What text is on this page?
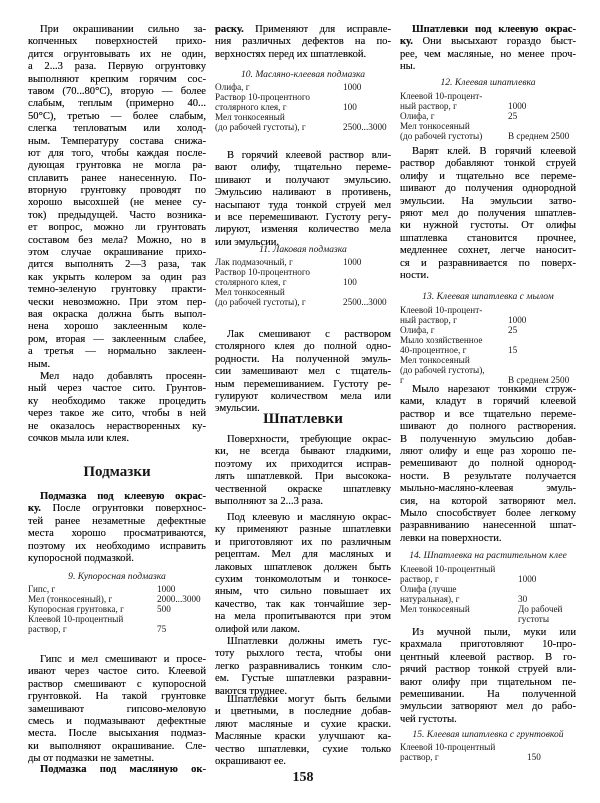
При окрашивании сильно за-
копченных поверхностей прихо-
дится огрунтовывать их не один,
а 2...3 раза. Первую огрунтовку
выполняют крепким горячим сос-
тавом (70...80°С), вторую — более
слабым, теплым (примерно 40...
50°С), третью — более слабым,
слегка тепловатым или холод-
ным. Температуру состава снижа-
ют для того, чтобы каждая после-
дующая грунтовка не могла ра-
сплавить ранее нанесенную. По-
вторную грунтовку проводят по
хорошо высохшей (не менее су-
ток) предыдущей. Часто возника-
ет вопрос, можно ли грунтовать
составом без мела? Можно, но в
этом случае окрашивание прихо-
дится выполнять 2—3 раза, так
как укрыть колером за один раз
темно-зеленую грунтовку практи-
чески невозможно. При этом пер-
вая окраска должна быть выпол-
нена хорошо заклеенным коле-
ром, вторая — заклеенным слабее,
а третья — нормально заклеен-
ным.
Мел надо добавлять просеян-
ный через частое сито. Грунтов-
ку необходимо также процедить
через такое же сито, чтобы в ней
не оказалось нерастворенных ку-
сочков мыла или клея.
Подмазки
Подмазка под клеевую окрас-
ку. После огрунтовки поверхнос-
тей ранее незаметные дефектные
места хорошо просматриваются,
поэтому их необходимо исправить
купоросной подмазкой.
9. Купоросная подмазка
Гипс, г	1000
Мел (тонкосеяный), г	2000...3000
Купоросная грунтовка, г	500
Клеевой 10-процентный
раствор, г	75
Гипс и мел смешивают и просе-
ивают через частое сито. Клеевой
раствор смешивают с купоросной
грунтовкой. На такой грунтовке
замешивают гипсово-меловую
смесь и подмазывают дефектные
места. После высыхания подмаз-
ки выполняют окрашивание. Сле-
ды от подмазки не заметны.
Подмазка под масляную ок-
раску. Применяют для исправле-
ния различных дефектов на по-
верхностях перед их шпатлевкой.
10. Масляно-клеевая подмазка
Олифа, г	1000
Раствор 10-процентного
столярного клея, г	100
Мел тонкосеяный
(до рабочей густоты), г	2500...3000
В горячий клеевой раствор вли-
вают олифу, тщательно переме-
шивают и получают эмульсию.
Эмульсию наливают в противень,
насыпают туда тонкой струей мел
и все перемешивают. Густоту регу-
лируют, изменяя количество мела
или эмульсии.
11. Лаковая подмазка
Лак подмазочный, г	1000
Раствор 10-процентного
столярного клея, г	100
Мел тонкосеяный
(до рабочей густоты), г	2500...3000
Лак смешивают с раствором
столярного клея до полной одно-
родности. На полученной эмуль-
сии замешивают мел с тщатель-
ным перемешиванием. Густоту ре-
гулируют количеством мела или
эмульсии.
Шпатлевки
Поверхности, требующие окрас-
ки, не всегда бывают гладкими,
поэтому их приходится исправ-
лять шпатлевкой. При высокока-
чественной окраске шпатлевку
выполняют за 2...3 раза.
Под клеевую и масляную окрас-
ку применяют разные шпатлевки
и приготовляют их по различным
рецептам. Мел для масляных и
лаковых шпатлевок должен быть
сухим тонкомолотым и тонкосе-
яным, что сильно повышает их
качество, так как тончайшие зер-
на мела пропитываются при этом
олифой или лаком.
Шпатлевки должны иметь гус-
тоту рыхлого теста, чтобы они
легко разравнивались тонким сло-
ем. Густые шпатлевки разравни-
ваются труднее.
Шпатлевки могут быть белыми
и цветными, в последние добав-
ляют масляные и сухие краски.
Масляные краски улучшают ка-
чество шпатлевки, сухие только
окрашивают ее.
Шпатлевки под клеевую окрас-
ку. Они высыхают гораздо быст-
рее, чем масляные, но менее проч-
ны.
12. Клеевая шпатлевка
Клеевой 10-процент-
ный раствор, г	1000
Олифа, г	25
Мел тонкосеяный
(до рабочей густоты)	В среднем 2500
Варят клей. В горячий клеевой
раствор добавляют тонкой струей
олифу и тщательно все переме-
шивают до получения однородной
эмульсии. На эмульсии затво-
ряют мел до получения шпатлев-
ки нужной густоты. От олифы
шпатлевка становится прочнее,
медленнее сохнет, легче наносит-
ся и разравнивается по поверх-
ности.
13. Клеевая шпатлевка с мылом
Клеевой 10-процент-
ный раствор, г	1000
Олифа, г	25
Мыло хозяйственное
40-процентное, г	15
Мел тонкосеяный
(до рабочей густоты),
г	В среднем 2500
Мыло нарезают тонкими струж-
ками, кладут в горячий клеевой
раствор и все тщательно переме-
шивают до полного растворения.
В полученную эмульсию добав-
ляют олифу и еще раз хорошо пе-
ремешивают до полной однород-
ности. В результате получается
мыльно-масляно-клеевая эмуль-
сия, на которой затворяют мел.
Мыло способствует более легкому
разравниванию нанесенной шпат-
левки на поверхности.
14. Шпатлевка на растительном клее
Клеевой 10-процентный
раствор, г	1000
Олифа (лучше
натуральная), г	30
Мел тонкосеяный	До рабочей
густоты
Из мучной пыли, муки или
крахмала приготовляют 10-про-
центный клеевой раствор. В го-
рячий раствор тонкой струей вли-
вают олифу при тщательном пе-
ремешивании. На полученной
эмульсии затворяют мел до рабо-
чей густоты.
15. Клеевая шпатлевка с грунтовкой
Клеевой 10-процентный
раствор, г	150
158
